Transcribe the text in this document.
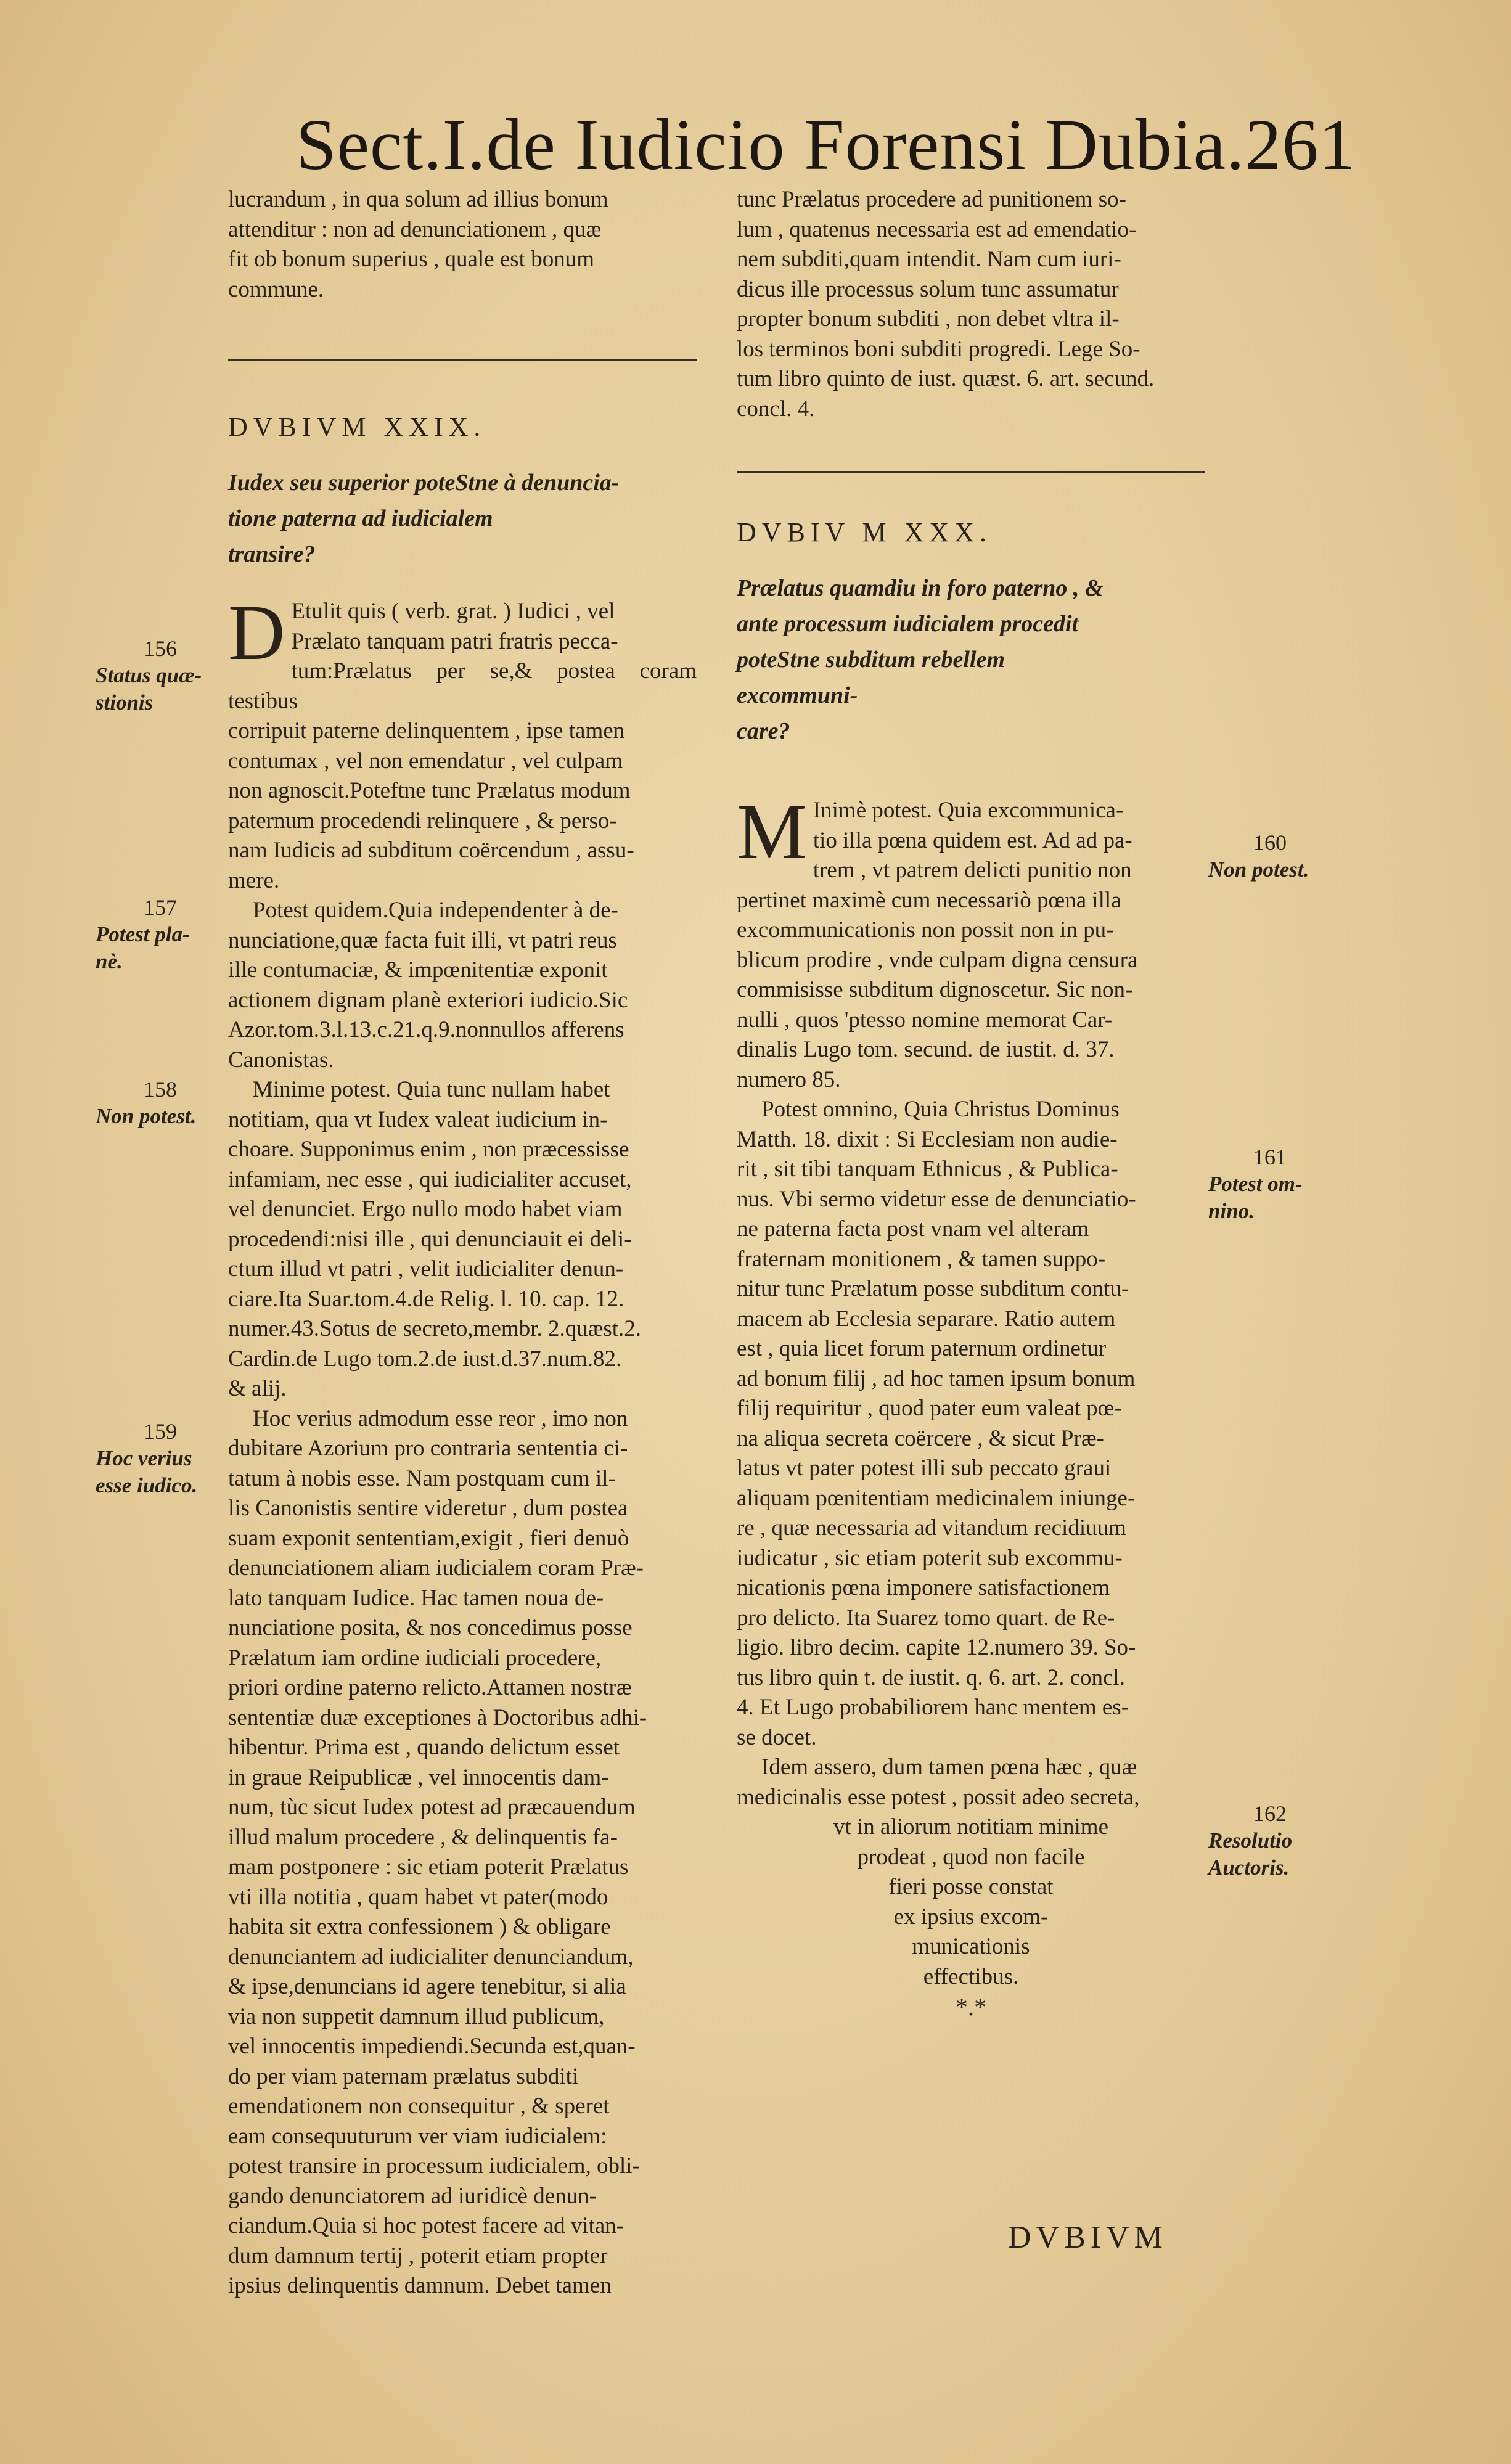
Sect.I.de Iudicio Forensi Dubia.261

lucrandum , in qua solum ad illius bonum

attenditur : non ad denunciationem , quæ

fit ob bonum superius , quale est bonum

commune.

DVBIVM XXIX.

Iudex seu superior poteStne à denuncia-

tione paterna ad iudicialem

transire?

D Etulit quis ( verb. grat. ) Iudici , vel

Prælato tanquam patri fratris pecca-

tum:Prælatus per se,& postea coram testibus

corripuit paterne delinquentem , ipse tamen

contumax , vel non emendatur , vel culpam

non agnoscit.Poteftne tunc Prælatus modum

paternum procedendi relinquere , & perso-

nam Iudicis ad subditum coërcendum , assu-

mere.

Potest quidem.Quia independenter à de-

nunciatione,quæ facta fuit illi, vt patri reus

ille contumaciæ, & impœnitentiæ exponit

actionem dignam planè exteriori iudicio.Sic

Azor.tom.3.l.13.c.21.q.9.nonnullos afferens

Canonistas.

Minime potest. Quia tunc nullam habet

notitiam, qua vt Iudex valeat iudicium in-

choare. Supponimus enim , non præcessisse

infamiam, nec esse , qui iudicialiter accuset,

vel denunciet. Ergo nullo modo habet viam

procedendi:nisi ille , qui denunciauit ei deli-

ctum illud vt patri , velit iudicialiter denun-

ciare.Ita Suar.tom.4.de Relig. l. 10. cap. 12.

numer.43.Sotus de secreto,membr. 2.quæst.2.

Cardin.de Lugo tom.2.de iust.d.37.num.82.

& alij.

Hoc verius admodum esse reor , imo non

dubitare Azorium pro contraria sententia ci-

tatum à nobis esse. Nam postquam cum il-

lis Canonistis sentire videretur , dum postea

suam exponit sententiam,exigit , fieri denuò

denunciationem aliam iudicialem coram Præ-

lato tanquam Iudice. Hac tamen noua de-

nunciatione posita, & nos concedimus posse

Prælatum iam ordine iudiciali procedere,

priori ordine paterno relicto.Attamen nostræ

sententiæ duæ exceptiones à Doctoribus adhi-

hibentur. Prima est , quando delictum esset

in graue Reipublicæ , vel innocentis dam-

num, tùc sicut Iudex potest ad præcauendum

illud malum procedere , & delinquentis fa-

mam postponere : sic etiam poterit Prælatus

vti illa notitia , quam habet vt pater(modo

habita sit extra confessionem ) & obligare

denunciantem ad iudicialiter denunciandum,

& ipse,denuncians id agere tenebitur, si alia

via non suppetit damnum illud publicum,

vel innocentis impediendi.Secunda est,quan-

do per viam paternam prælatus subditi

emendationem non consequitur , & speret

eam consequuturum ver viam iudicialem:

potest transire in processum iudicialem, obli-

gando denunciatorem ad iuridicè denun-

ciandum.Quia si hoc potest facere ad vitan-

dum damnum tertij , poterit etiam propter

ipsius delinquentis damnum. Debet tamen

tunc Prælatus procedere ad punitionem so-

lum , quatenus necessaria est ad emendatio-

nem subditi,quam intendit. Nam cum iuri-

dicus ille processus solum tunc assumatur

propter bonum subditi , non debet vltra il-

los terminos boni subditi progredi. Lege So-

tum libro quinto de iust. quæst. 6. art. secund.

concl. 4.

DVBIV M XXX.

Prælatus quamdiu in foro paterno , &

ante processum iudicialem procedit

poteStne subditum rebellem

excommuni-

care?

M Inimè potest. Quia excommunica-

tio illa pœna quidem est. Ad ad pa-

trem , vt patrem delicti punitio non

pertinet maximè cum necessariò pœna illa

excommunicationis non possit non in pu-

blicum prodire , vnde culpam digna censura

commisisse subditum dignoscetur. Sic non-

nulli , quos 'ptesso nomine memorat Car-

dinalis Lugo tom. secund. de iustit. d. 37.

numero 85.

Potest omnino, Quia Christus Dominus

Matth. 18. dixit : Si Ecclesiam non audie-

rit , sit tibi tanquam Ethnicus , & Publica-

nus. Vbi sermo videtur esse de denunciatio-

ne paterna facta post vnam vel alteram

fraternam monitionem , & tamen suppo-

nitur tunc Prælatum posse subditum contu-

macem ab Ecclesia separare. Ratio autem

est , quia licet forum paternum ordinetur

ad bonum filij , ad hoc tamen ipsum bonum

filij requiritur , quod pater eum valeat pœ-

na aliqua secreta coërcere , & sicut Præ-

latus vt pater potest illi sub peccato graui

aliquam pœnitentiam medicinalem iniunge-

re , quæ necessaria ad vitandum recidiuum

iudicatur , sic etiam poterit sub excommu-

nicationis pœna imponere satisfactionem

pro delicto. Ita Suarez tomo quart. de Re-

ligio. libro decim. capite 12.numero 39. So-

tus libro quin t. de iustit. q. 6. art. 2. concl.

4. Et Lugo probabiliorem hanc mentem es-

se docet.

Idem assero, dum tamen pœna hæc , quæ

medicinalis esse potest , possit adeo secreta,

vt in aliorum notitiam minime

prodeat , quod non facile

fieri posse constat

ex ipsius excom-

municationis

effectibus.

*.*
DVBIVM
156
Status quæ-
stionis
157
Potest pla-
nè.
158
Non potest.
159
Hoc verius
esse iudico.
160
Non potest.
161
Potest om-
nino.
162
Resolutio
Auctoris.
